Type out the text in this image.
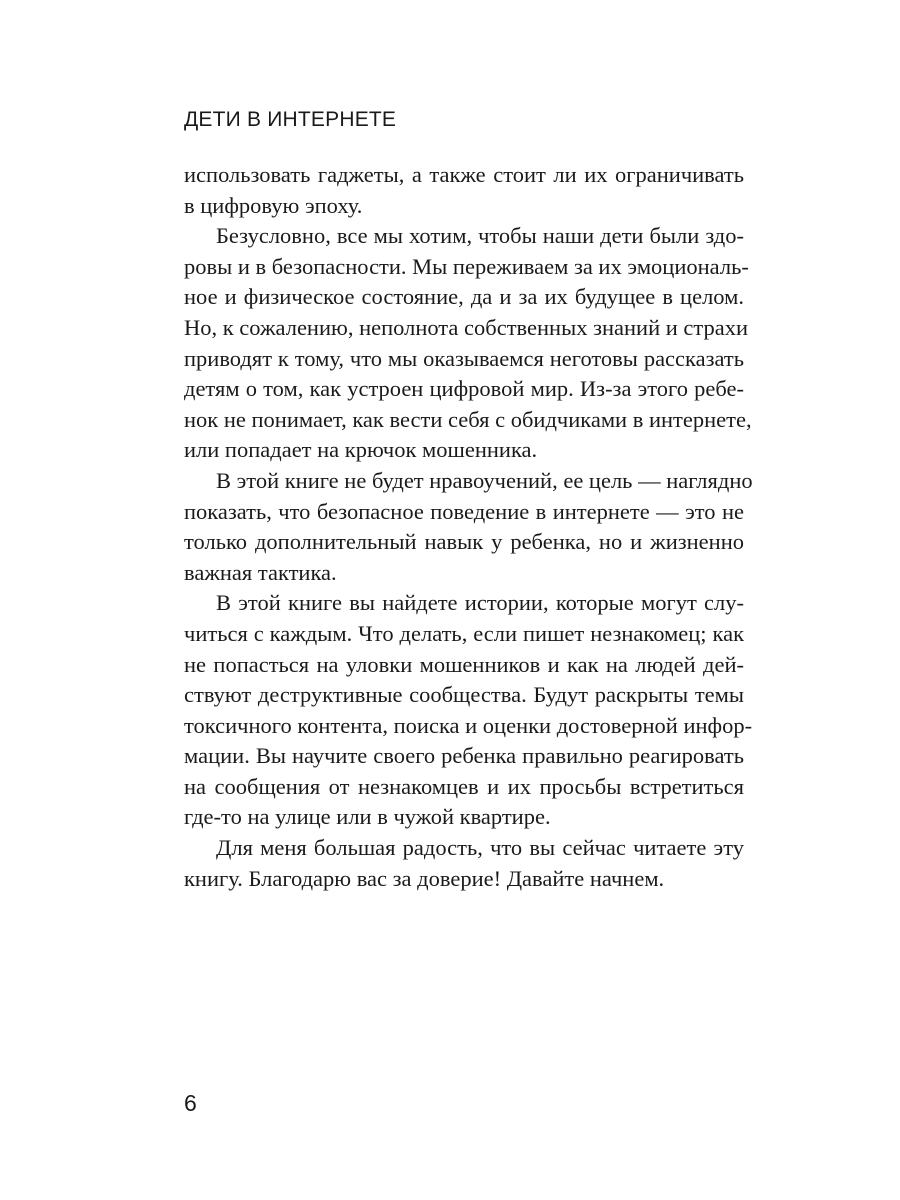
ДЕТИ В ИНТЕРНЕТЕ
использовать гаджеты, а также стоит ли их ограничивать
в цифровую эпоху.
Безусловно, все мы хотим, чтобы наши дети были здо-
ровы и в безопасности. Мы переживаем за их эмоциональ-
ное и физическое состояние, да и за их будущее в целом.
Но, к сожалению, неполнота собственных знаний и страхи
приводят к тому, что мы оказываемся неготовы рассказать
детям о том, как устроен цифровой мир. Из-за этого ребе-
нок не понимает, как вести себя с обидчиками в интернете,
или попадает на крючок мошенника.
В этой книге не будет нравоучений, ее цель — наглядно
показать, что безопасное поведение в интернете — это не
только дополнительный навык у ребенка, но и жизненно
важная тактика.
В этой книге вы найдете истории, которые могут слу-
читься с каждым. Что делать, если пишет незнакомец; как
не попасться на уловки мошенников и как на людей дей-
ствуют деструктивные сообщества. Будут раскрыты темы
токсичного контента, поиска и оценки достоверной инфор-
мации. Вы научите своего ребенка правильно реагировать
на сообщения от незнакомцев и их просьбы встретиться
где-то на улице или в чужой квартире.
Для меня большая радость, что вы сейчас читаете эту
книгу. Благодарю вас за доверие! Давайте начнем.
6
